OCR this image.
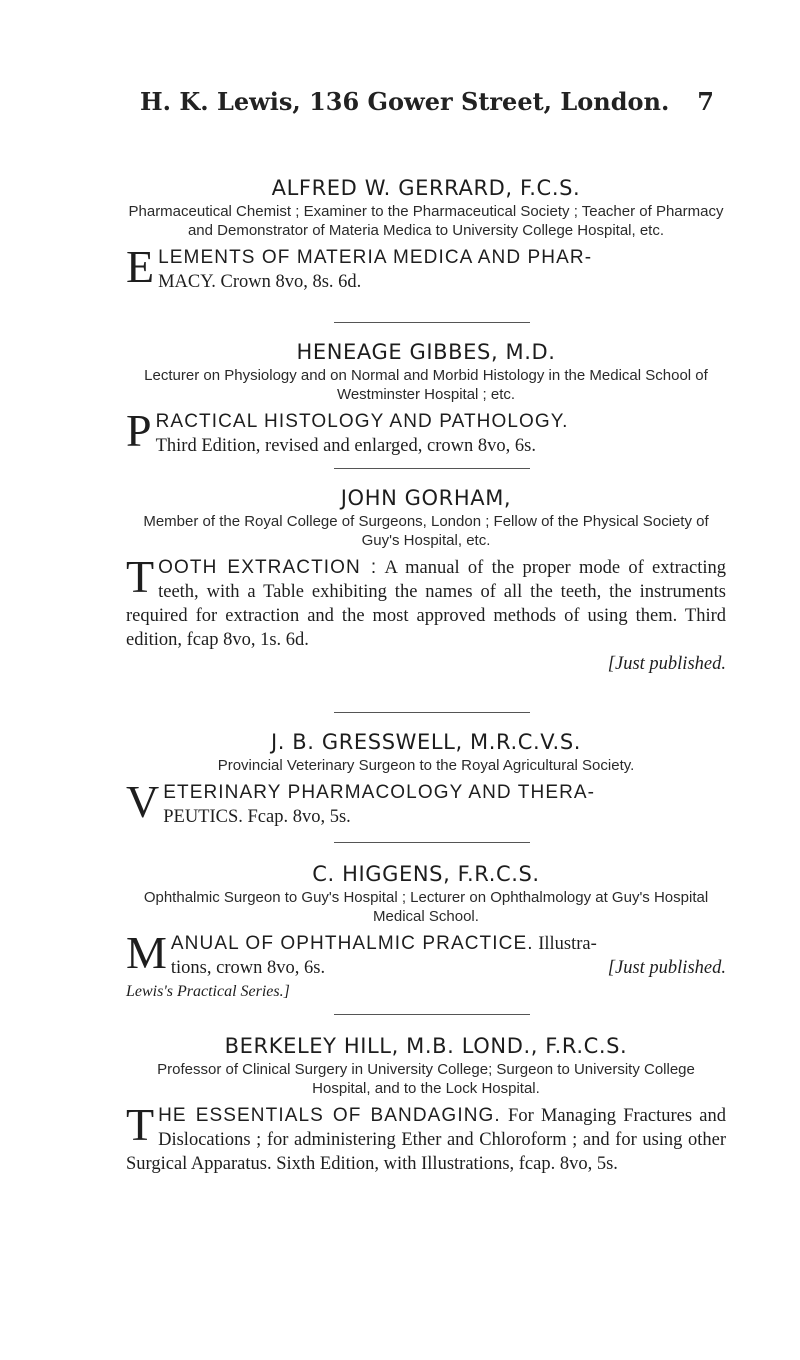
H. K. Lewis, 136 Gower Street, London. 7
ALFRED W. GERRARD, F.C.S.
Pharmaceutical Chemist ; Examiner to the Pharmaceutical Society ; Teacher of Pharmacy and Demonstrator of Materia Medica to University College Hospital, etc.
E LEMENTS OF MATERIA MEDICA AND PHAR-
MACY. Crown 8vo, 8s. 6d.
HENEAGE GIBBES, M.D.
Lecturer on Physiology and on Normal and Morbid Histology in the Medical School of Westminster Hospital ; etc.
P RACTICAL HISTOLOGY AND PATHOLOGY.
Third Edition, revised and enlarged, crown 8vo, 6s.
JOHN GORHAM,
Member of the Royal College of Surgeons, London ; Fellow of the Physical Society of Guy's Hospital, etc.
T OOTH EXTRACTION : A manual of the proper mode of extracting teeth, with a Table exhibiting the names of all the teeth, the instruments required for extraction and the most approved methods of using them. Third edition, fcap 8vo, 1s. 6d.
[Just published.
J. B. GRESSWELL, M.R.C.V.S.
Provincial Veterinary Surgeon to the Royal Agricultural Society.
V ETERINARY PHARMACOLOGY AND THERA-
PEUTICS. Fcap. 8vo, 5s.
C. HIGGENS, F.R.C.S.
Ophthalmic Surgeon to Guy's Hospital ; Lecturer on Ophthalmology at Guy's Hospital Medical School.
M ANUAL OF OPHTHALMIC PRACTICE. Illustra-
tions, crown 8vo, 6s.	[Just published.
Lewis's Practical Series.]
BERKELEY HILL, M.B. LOND., F.R.C.S.
Professor of Clinical Surgery in University College; Surgeon to University College Hospital, and to the Lock Hospital.
T HE ESSENTIALS OF BANDAGING. For Managing Fractures and Dislocations ; for administering Ether and Chloroform ; and for using other Surgical Apparatus. Sixth Edition, with Illustrations, fcap. 8vo, 5s.
